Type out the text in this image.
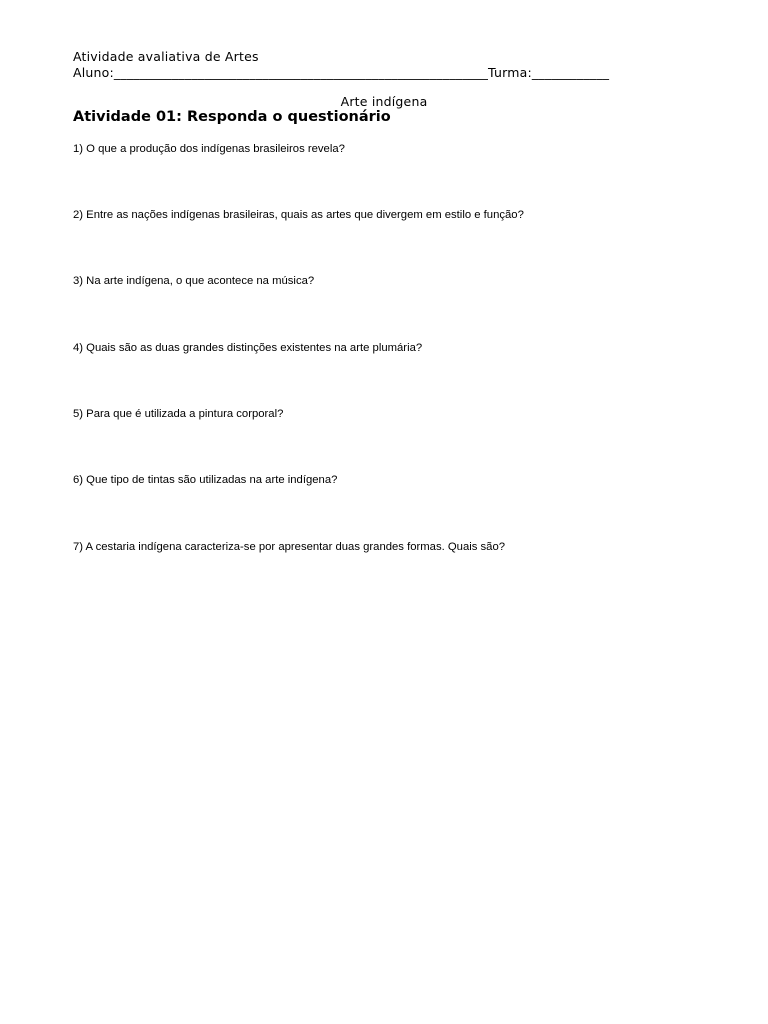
Atividade avaliativa de Artes
Aluno:__________________________________________________________Turma:____________
Arte indígena
Atividade 01: Responda o questionário
1) O que a produção dos indígenas brasileiros revela?
2) Entre as nações indígenas brasileiras, quais as artes que divergem em estilo e função?
3) Na arte indígena, o que acontece na música?
4) Quais são as duas grandes distinções existentes na arte plumária?
5) Para que é utilizada a pintura corporal?
6) Que tipo de tintas são utilizadas na arte indígena?
7) A cestaria indígena caracteriza-se por apresentar duas grandes formas. Quais são?
